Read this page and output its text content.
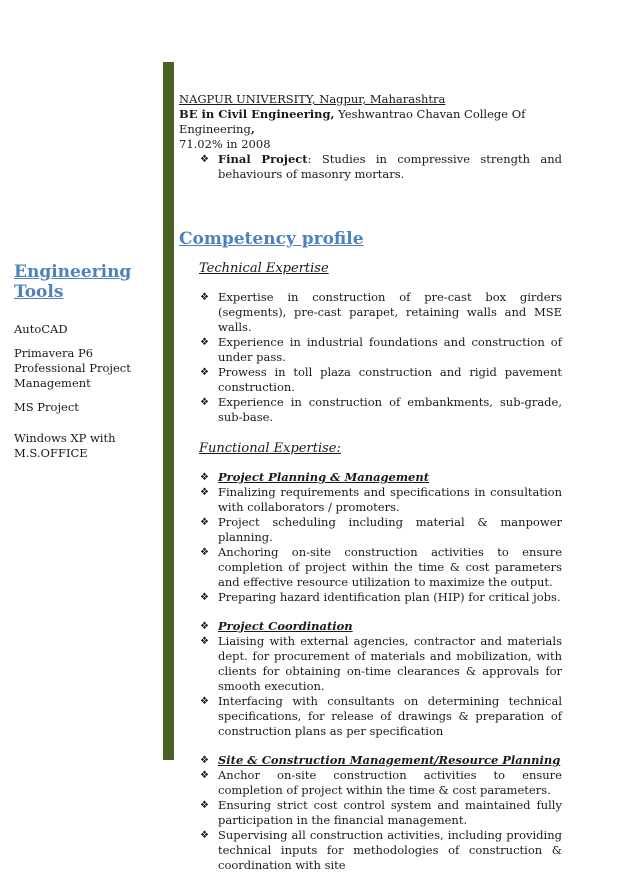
Engineering Tools
AutoCAD
Primavera P6 Professional Project Management
MS Project
Windows XP with M.S.OFFICE
NAGPUR UNIVERSITY, Nagpur, Maharashtra
BE in Civil Engineering, Yeshwantrao Chavan College Of Engineering,
71.02% in 2008
❖ Final Project: Studies in compressive strength and behaviours of masonry mortars.
Competency profile
Technical Expertise
❖ Expertise in construction of pre-cast box girders (segments), pre-cast parapet, retaining walls and MSE walls.
❖ Experience in industrial foundations and construction of under pass.
❖ Prowess in toll plaza construction and rigid pavement construction.
❖ Experience in construction of embankments, sub-grade, sub-base.
Functional Expertise:
❖ Project Planning & Management
❖ Finalizing requirements and specifications in consultation with collaborators / promoters.
❖ Project scheduling including material & manpower planning.
❖ Anchoring on-site construction activities to ensure completion of project within the time & cost parameters and effective resource utilization to maximize the output.
❖ Preparing hazard identification plan (HIP) for critical jobs.
❖ Project Coordination
❖ Liaising with external agencies, contractor and materials dept. for procurement of materials and mobilization, with clients for obtaining on-time clearances & approvals for smooth execution.
❖ Interfacing with consultants on determining technical specifications, for release of drawings & preparation of construction plans as per specification
❖ Site & Construction Management/Resource Planning
❖ Anchor on-site construction activities to ensure completion of project within the time & cost parameters.
❖ Ensuring strict cost control system and maintained fully participation in the financial management.
❖ Supervising all construction activities, including providing technical inputs for methodologies of construction & coordination with site
